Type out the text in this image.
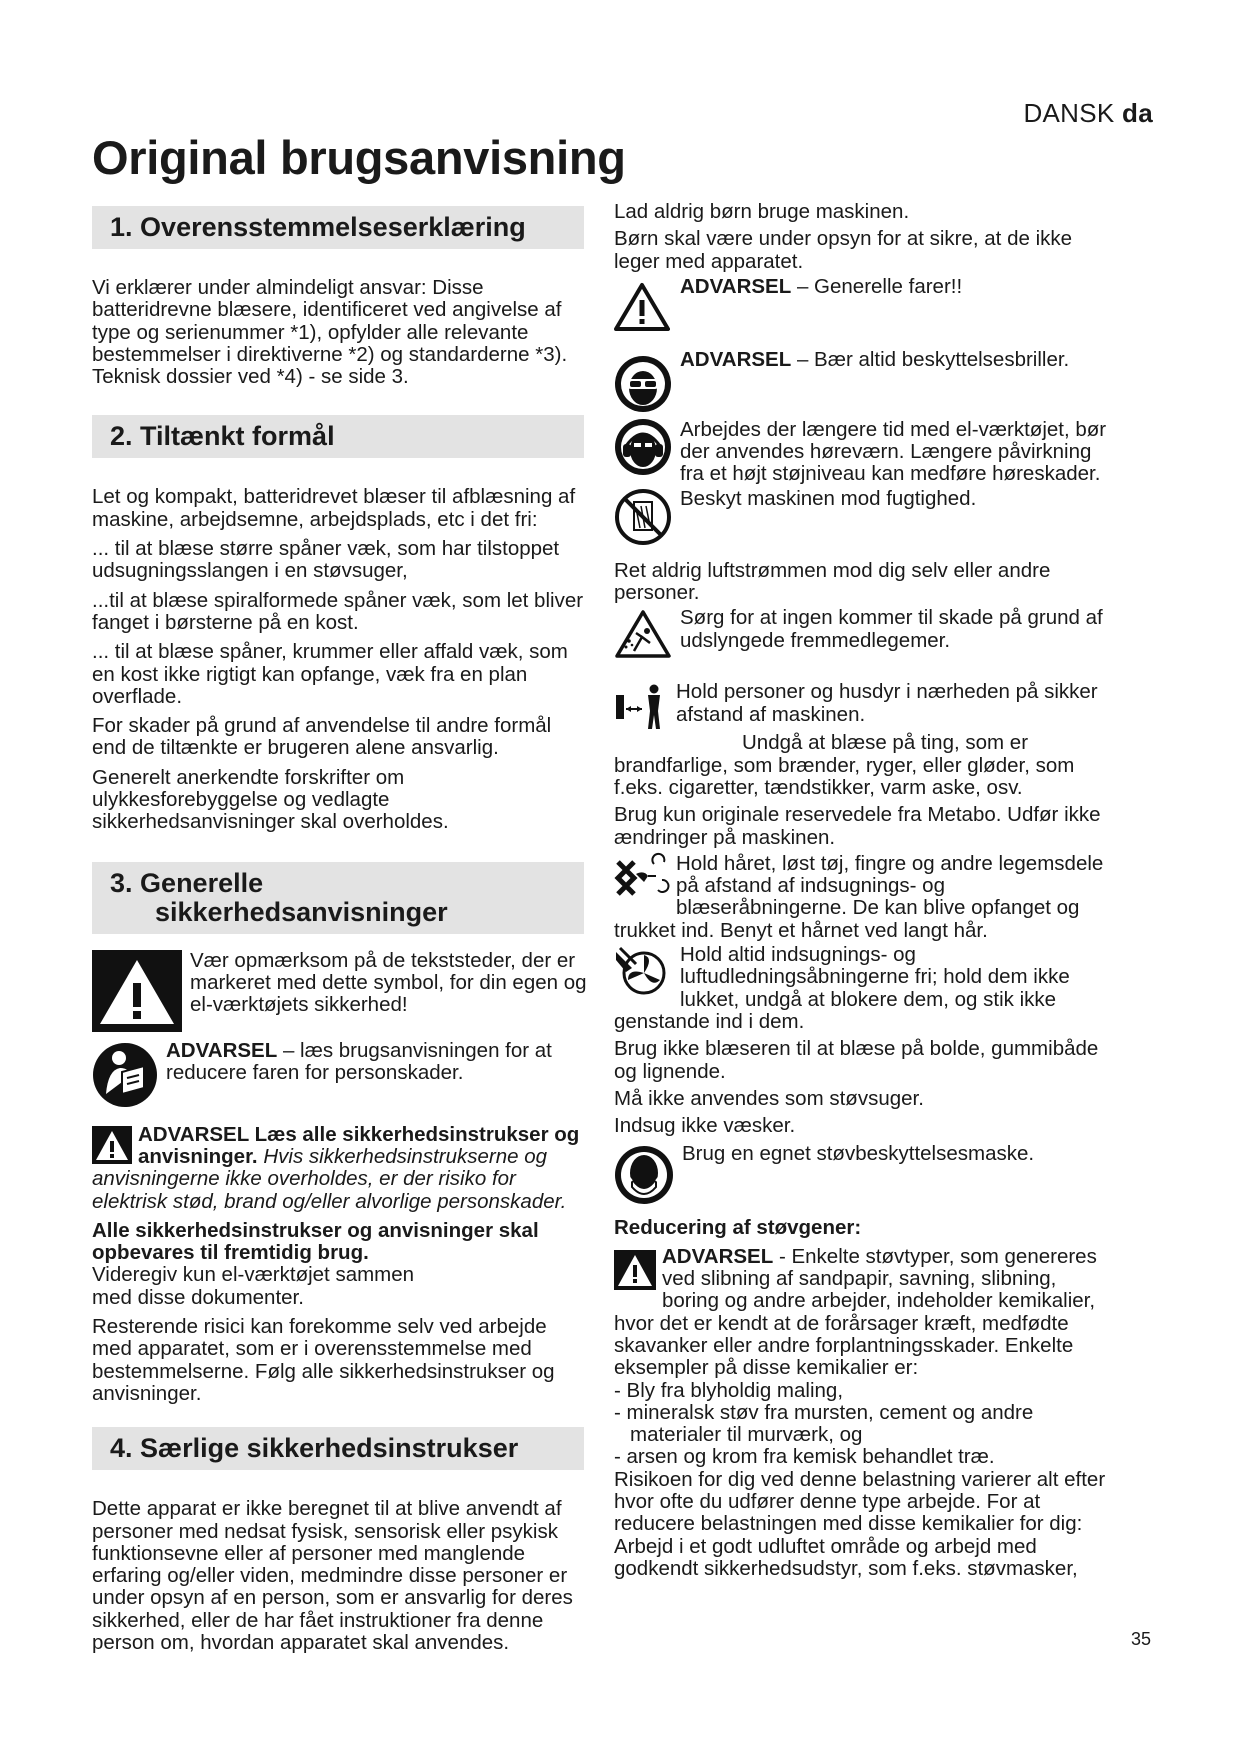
DANSK da
Original brugsanvisning
1. Overensstemmelseserklæring

Vi erklærer under almindeligt ansvar: Disse batteridrevne blæsere, identificeret ved angivelse af type og serienummer *1), opfylder alle relevante bestemmelser i direktiverne *2) og standarderne *3). Teknisk dossier ved *4) - se side 3.

2. Tiltænkt formål

Let og kompakt, batteridrevet blæser til afblæsning af maskine, arbejdsemne, arbejdsplads, etc i det fri:

... til at blæse større spåner væk, som har tilstoppet udsugningsslangen i en støvsuger,

...til at blæse spiralformede spåner væk, som let bliver fanget i børsterne på en kost.

... til at blæse spåner, krummer eller affald væk, som en kost ikke rigtigt kan opfange, væk fra en plan overflade.

For skader på grund af anvendelse til andre formål end de tiltænkte er brugeren alene ansvarlig.

Generelt anerkendte forskrifter om ulykkesforebyggelse og vedlagte sikkerhedsanvisninger skal overholdes.

3. Generelle
sikkerhedsanvisninger

Vær opmærksom på de tekststeder, der er markeret med dette symbol, for din egen og el-værktøjets sikkerhed!

ADVARSEL – læs brugsanvisningen for at reducere faren for personskader.

ADVARSEL Læs alle sikkerhedsinstrukser og anvisninger. Hvis sikkerhedsinstrukserne og anvisningerne ikke overholdes, er der risiko for elektrisk stød, brand og/eller alvorlige personskader.

Alle sikkerhedsinstrukser og anvisninger skal opbevares til fremtidig brug.

Videregiv kun el-værktøjet sammen

med disse dokumenter.

Resterende risici kan forekomme selv ved arbejde med apparatet, som er i overensstemmelse med bestemmelserne. Følg alle sikkerhedsinstrukser og anvisninger.

4. Særlige sikkerhedsinstrukser

Dette apparat er ikke beregnet til at blive anvendt af personer med nedsat fysisk, sensorisk eller psykisk funktionsevne eller af personer med manglende erfaring og/eller viden, medmindre disse personer er under opsyn af en person, som er ansvarlig for deres sikkerhed, eller de har fået instruktioner fra denne person om, hvordan apparatet skal anvendes.

Lad aldrig børn bruge maskinen.

Børn skal være under opsyn for at sikre, at de ikke leger med apparatet.

ADVARSEL – Generelle farer!!

ADVARSEL – Bær altid beskyttelsesbriller.

Arbejdes der længere tid med el-værktøjet, bør der anvendes høreværn. Længere påvirkning fra et højt støjniveau kan medføre høreskader.

Beskyt maskinen mod fugtighed.

Ret aldrig luftstrømmen mod dig selv eller andre personer.

Sørg for at ingen kommer til skade på grund af udslyngede fremmedlegemer.

Hold personer og husdyr i nærheden på sikker afstand af maskinen.

Undgå at blæse på ting, som er brandfarlige, som brænder, ryger, eller gløder, som f.eks. cigaretter, tændstikker, varm aske, osv.

Brug kun originale reservedele fra Metabo. Udfør ikke ændringer på maskinen.

Hold håret, løst tøj, fingre og andre legemsdele på afstand af indsugnings- og blæseråbningerne. De kan blive opfanget og trukket ind. Benyt et hårnet ved langt hår.

Hold altid indsugnings- og luftudledningsåbningerne fri; hold dem ikke lukket, undgå at blokere dem, og stik ikke genstande ind i dem.

Brug ikke blæseren til at blæse på bolde, gummibåde og lignende.

Må ikke anvendes som støvsuger.

Indsug ikke væsker.

Brug en egnet støvbeskyttelsesmaske.

Reducering af støvgener:

ADVARSEL - Enkelte støvtyper, som genereres ved slibning af sandpapir, savning, slibning, boring og andre arbejder, indeholder kemikalier, hvor det er kendt at de forårsager kræft, medfødte skavanker eller andre forplantningsskader. Enkelte eksempler på disse kemikalier er:

- Bly fra blyholdig maling,

- mineralsk støv fra mursten, cement og andre materialer til murværk, og

- arsen og krom fra kemisk behandlet træ.

Risikoen for dig ved denne belastning varierer alt efter hvor ofte du udfører denne type arbejde. For at reducere belastningen med disse kemikalier for dig: Arbejd i et godt udluftet område og arbejd med godkendt sikkerhedsudstyr, som f.eks. støvmasker,

35
